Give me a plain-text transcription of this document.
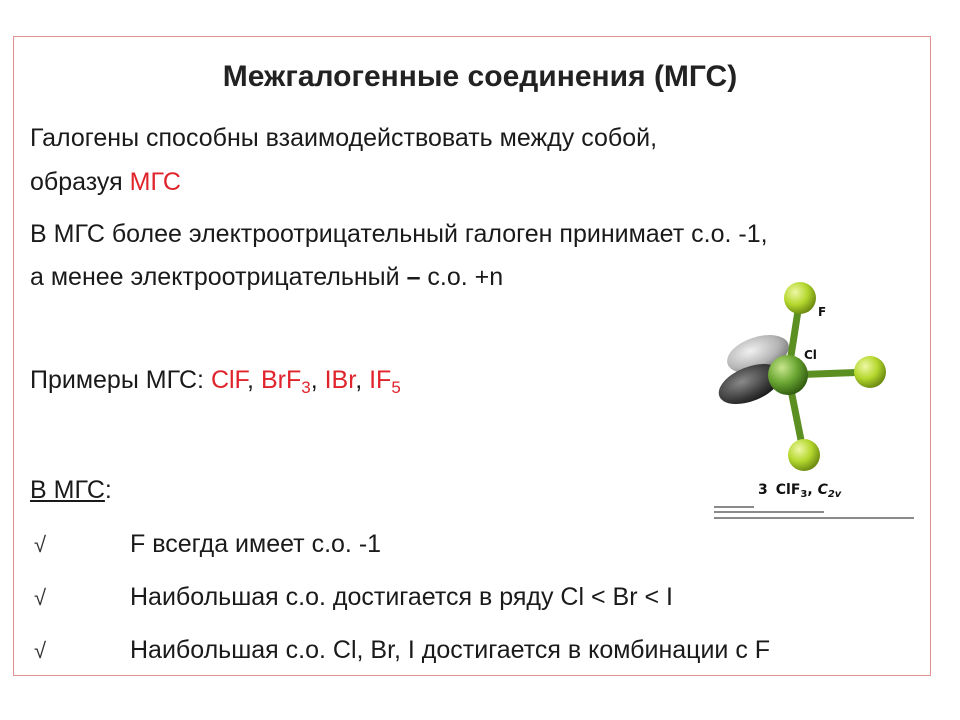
Межгалогенные соединения (МГС)
Галогены способны взаимодействовать между собой,
образуя МГС
В МГС более электроотрицательный галоген принимает с.о. -1,
а менее электроотрицательный – с.о. +n
Примеры МГС: ClF, BrF$_3$, IBr, $IF_5$
В МГС:
√	F всегда имеет с.о. -1
√	Наибольшая с.о. достигается в ряду Cl < Br < I
√	Наибольшая с.о. Cl, Br, I достигается в комбинации с F
F
Cl
3 ClF$_3$, $C_{2v}$
